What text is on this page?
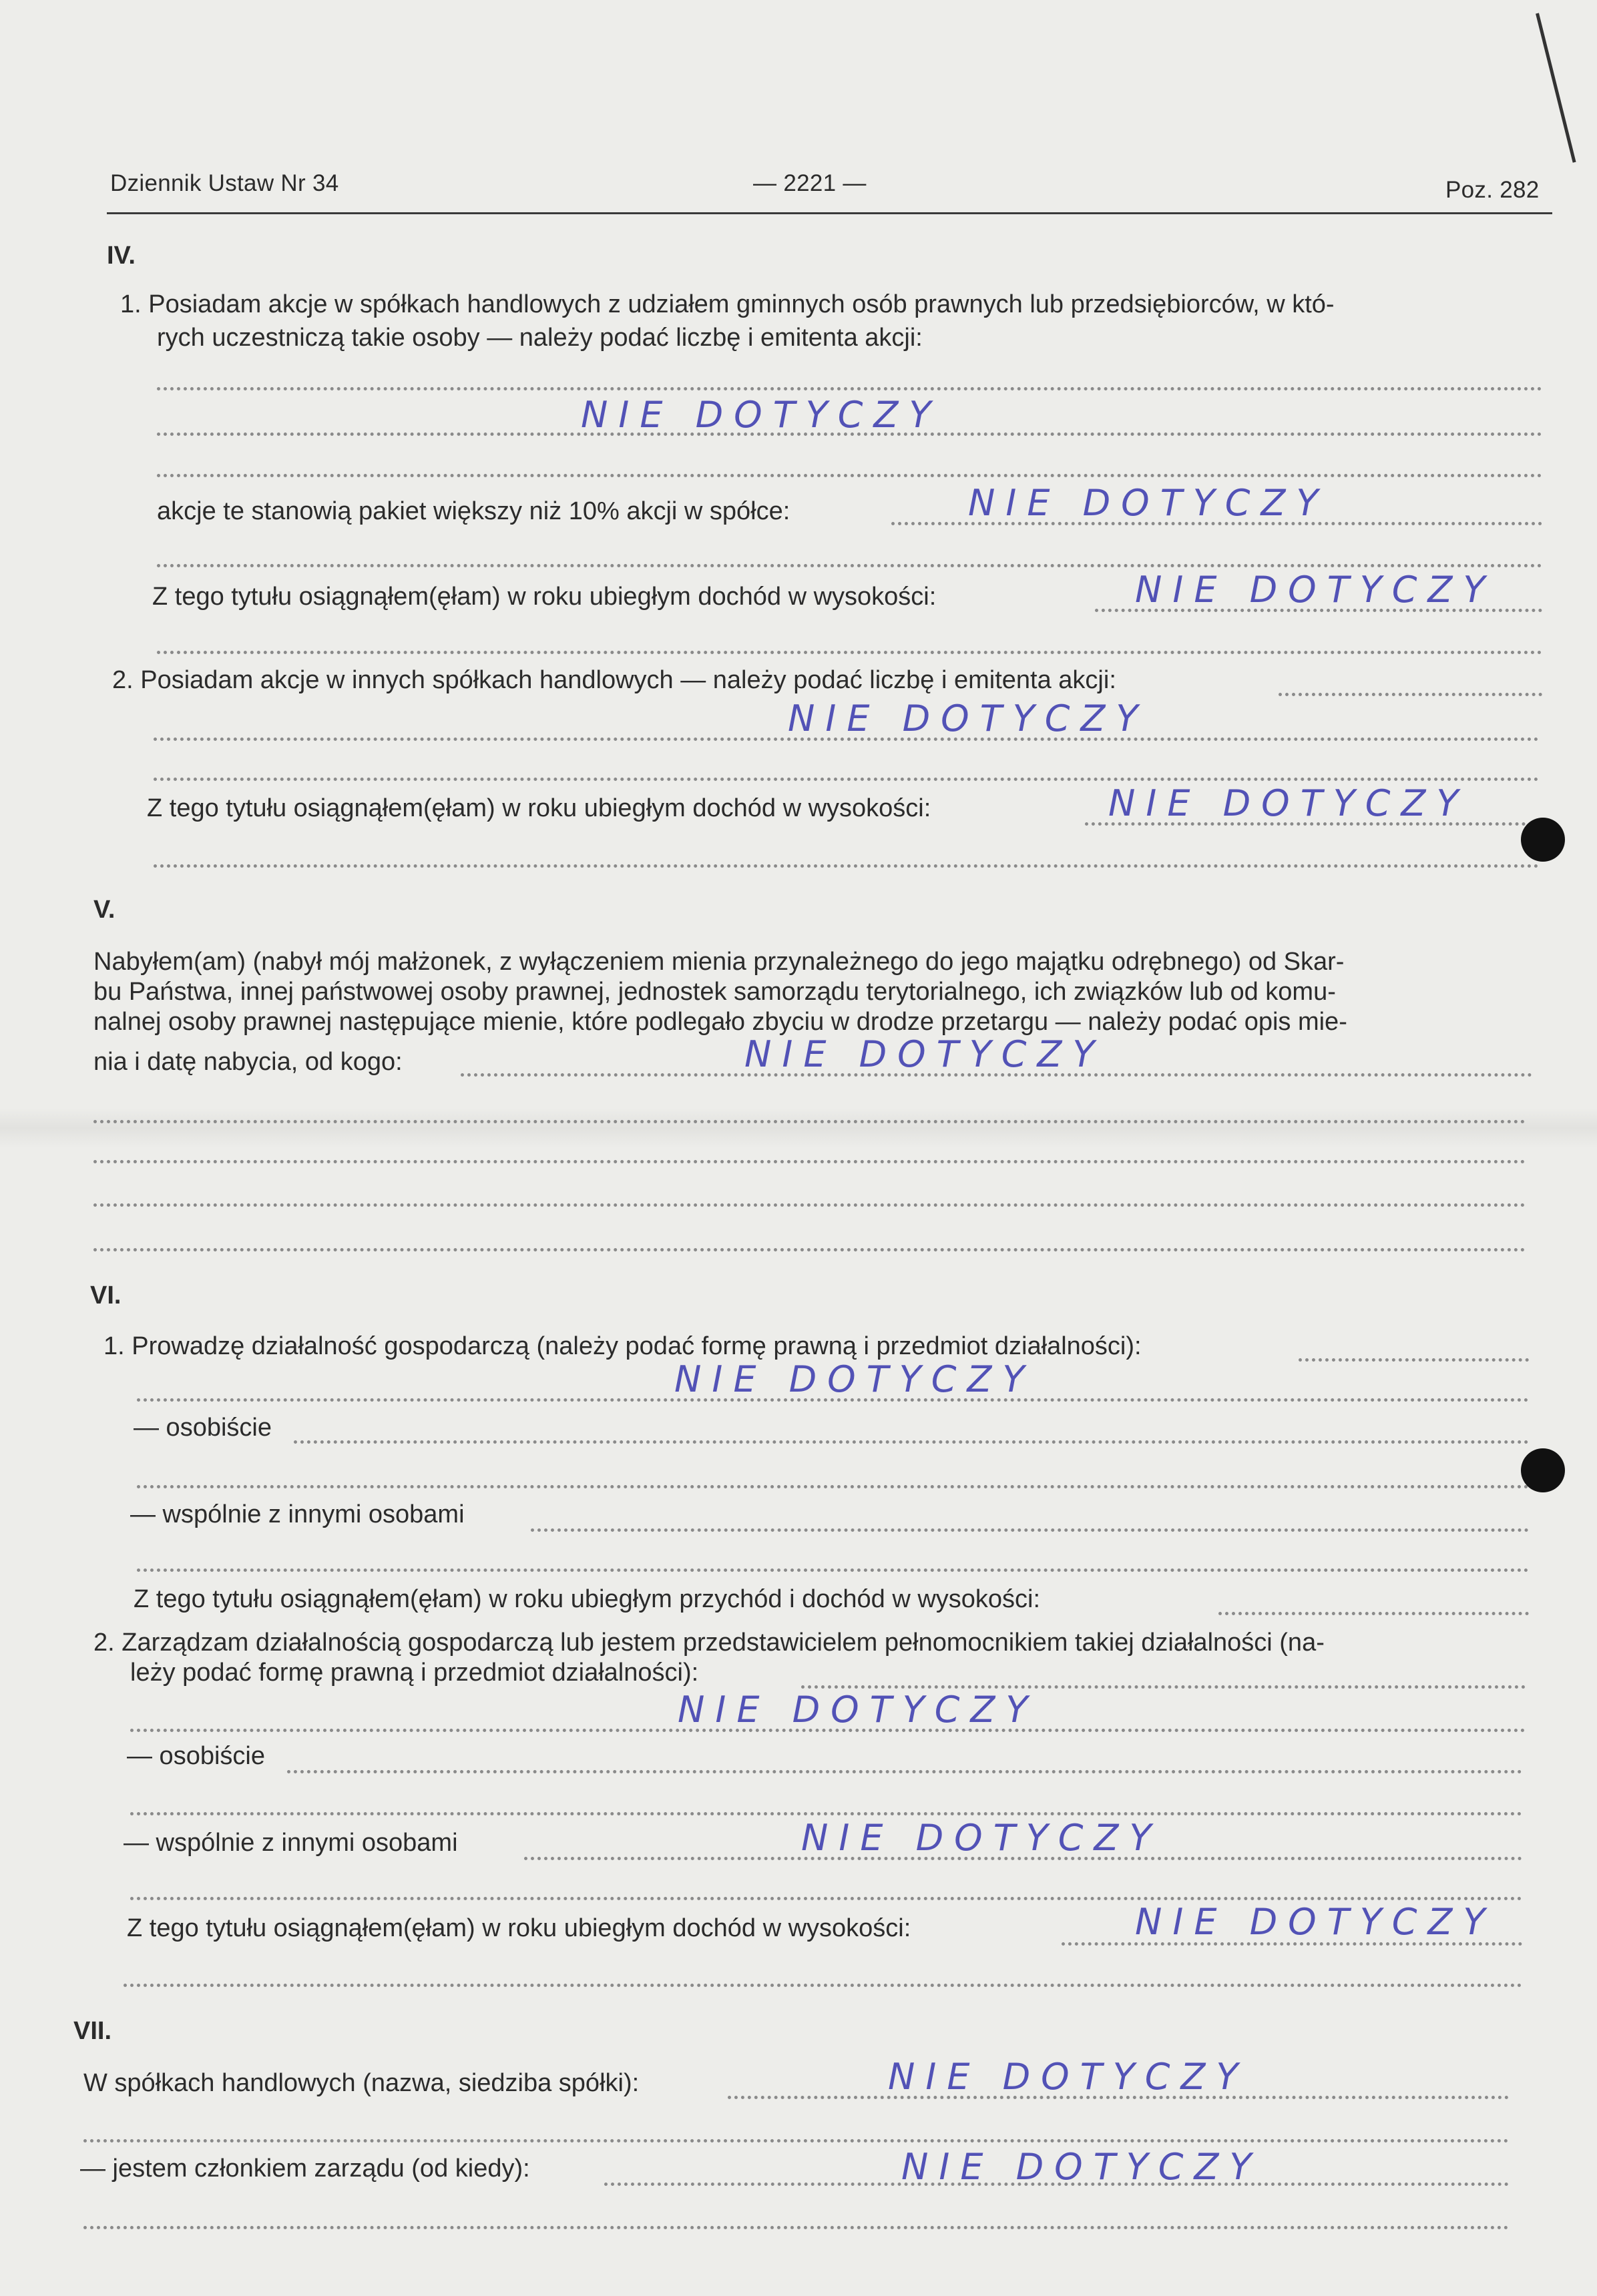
Dziennik Ustaw Nr 34	— 2221 —	Poz. 282
IV.
1. Posiadam akcje w spółkach handlowych z udziałem gminnych osób prawnych lub przedsiębiorców, w któ-
rych uczestniczą takie osoby — należy podać liczbę i emitenta akcji:
NIE DOTYCZY
akcje te stanowią pakiet większy niż 10% akcji w spółce:	NIE DOTYCZY
Z tego tytułu osiągnąłem(ęłam) w roku ubiegłym dochód w wysokości:	NIE DOTYCZY
2. Posiadam akcje w innych spółkach handlowych — należy podać liczbę i emitenta akcji:
NIE DOTYCZY
Z tego tytułu osiągnąłem(ęłam) w roku ubiegłym dochód w wysokości:	NIE DOTYCZY
V.
Nabyłem(am) (nabył mój małżonek, z wyłączeniem mienia przynależnego do jego majątku odrębnego) od Skar-
bu Państwa, innej państwowej osoby prawnej, jednostek samorządu terytorialnego, ich związków lub od komu-
nalnej osoby prawnej następujące mienie, które podlegało zbyciu w drodze przetargu — należy podać opis mie-
nia i datę nabycia, od kogo:	NIE DOTYCZY
VI.
1. Prowadzę działalność gospodarczą (należy podać formę prawną i przedmiot działalności):
NIE DOTYCZY
— osobiście
— wspólnie z innymi osobami
Z tego tytułu osiągnąłem(ęłam) w roku ubiegłym przychód i dochód w wysokości:
2. Zarządzam działalnością gospodarczą lub jestem przedstawicielem pełnomocnikiem takiej działalności (na-
leży podać formę prawną i przedmiot działalności):
NIE DOTYCZY
— osobiście
— wspólnie z innymi osobami	NIE DOTYCZY
Z tego tytułu osiągnąłem(ęłam) w roku ubiegłym dochód w wysokości:	NIE DOTYCZY
VII.
W spółkach handlowych (nazwa, siedziba spółki):	NIE DOTYCZY
— jestem członkiem zarządu (od kiedy):	NIE DOTYCZY
